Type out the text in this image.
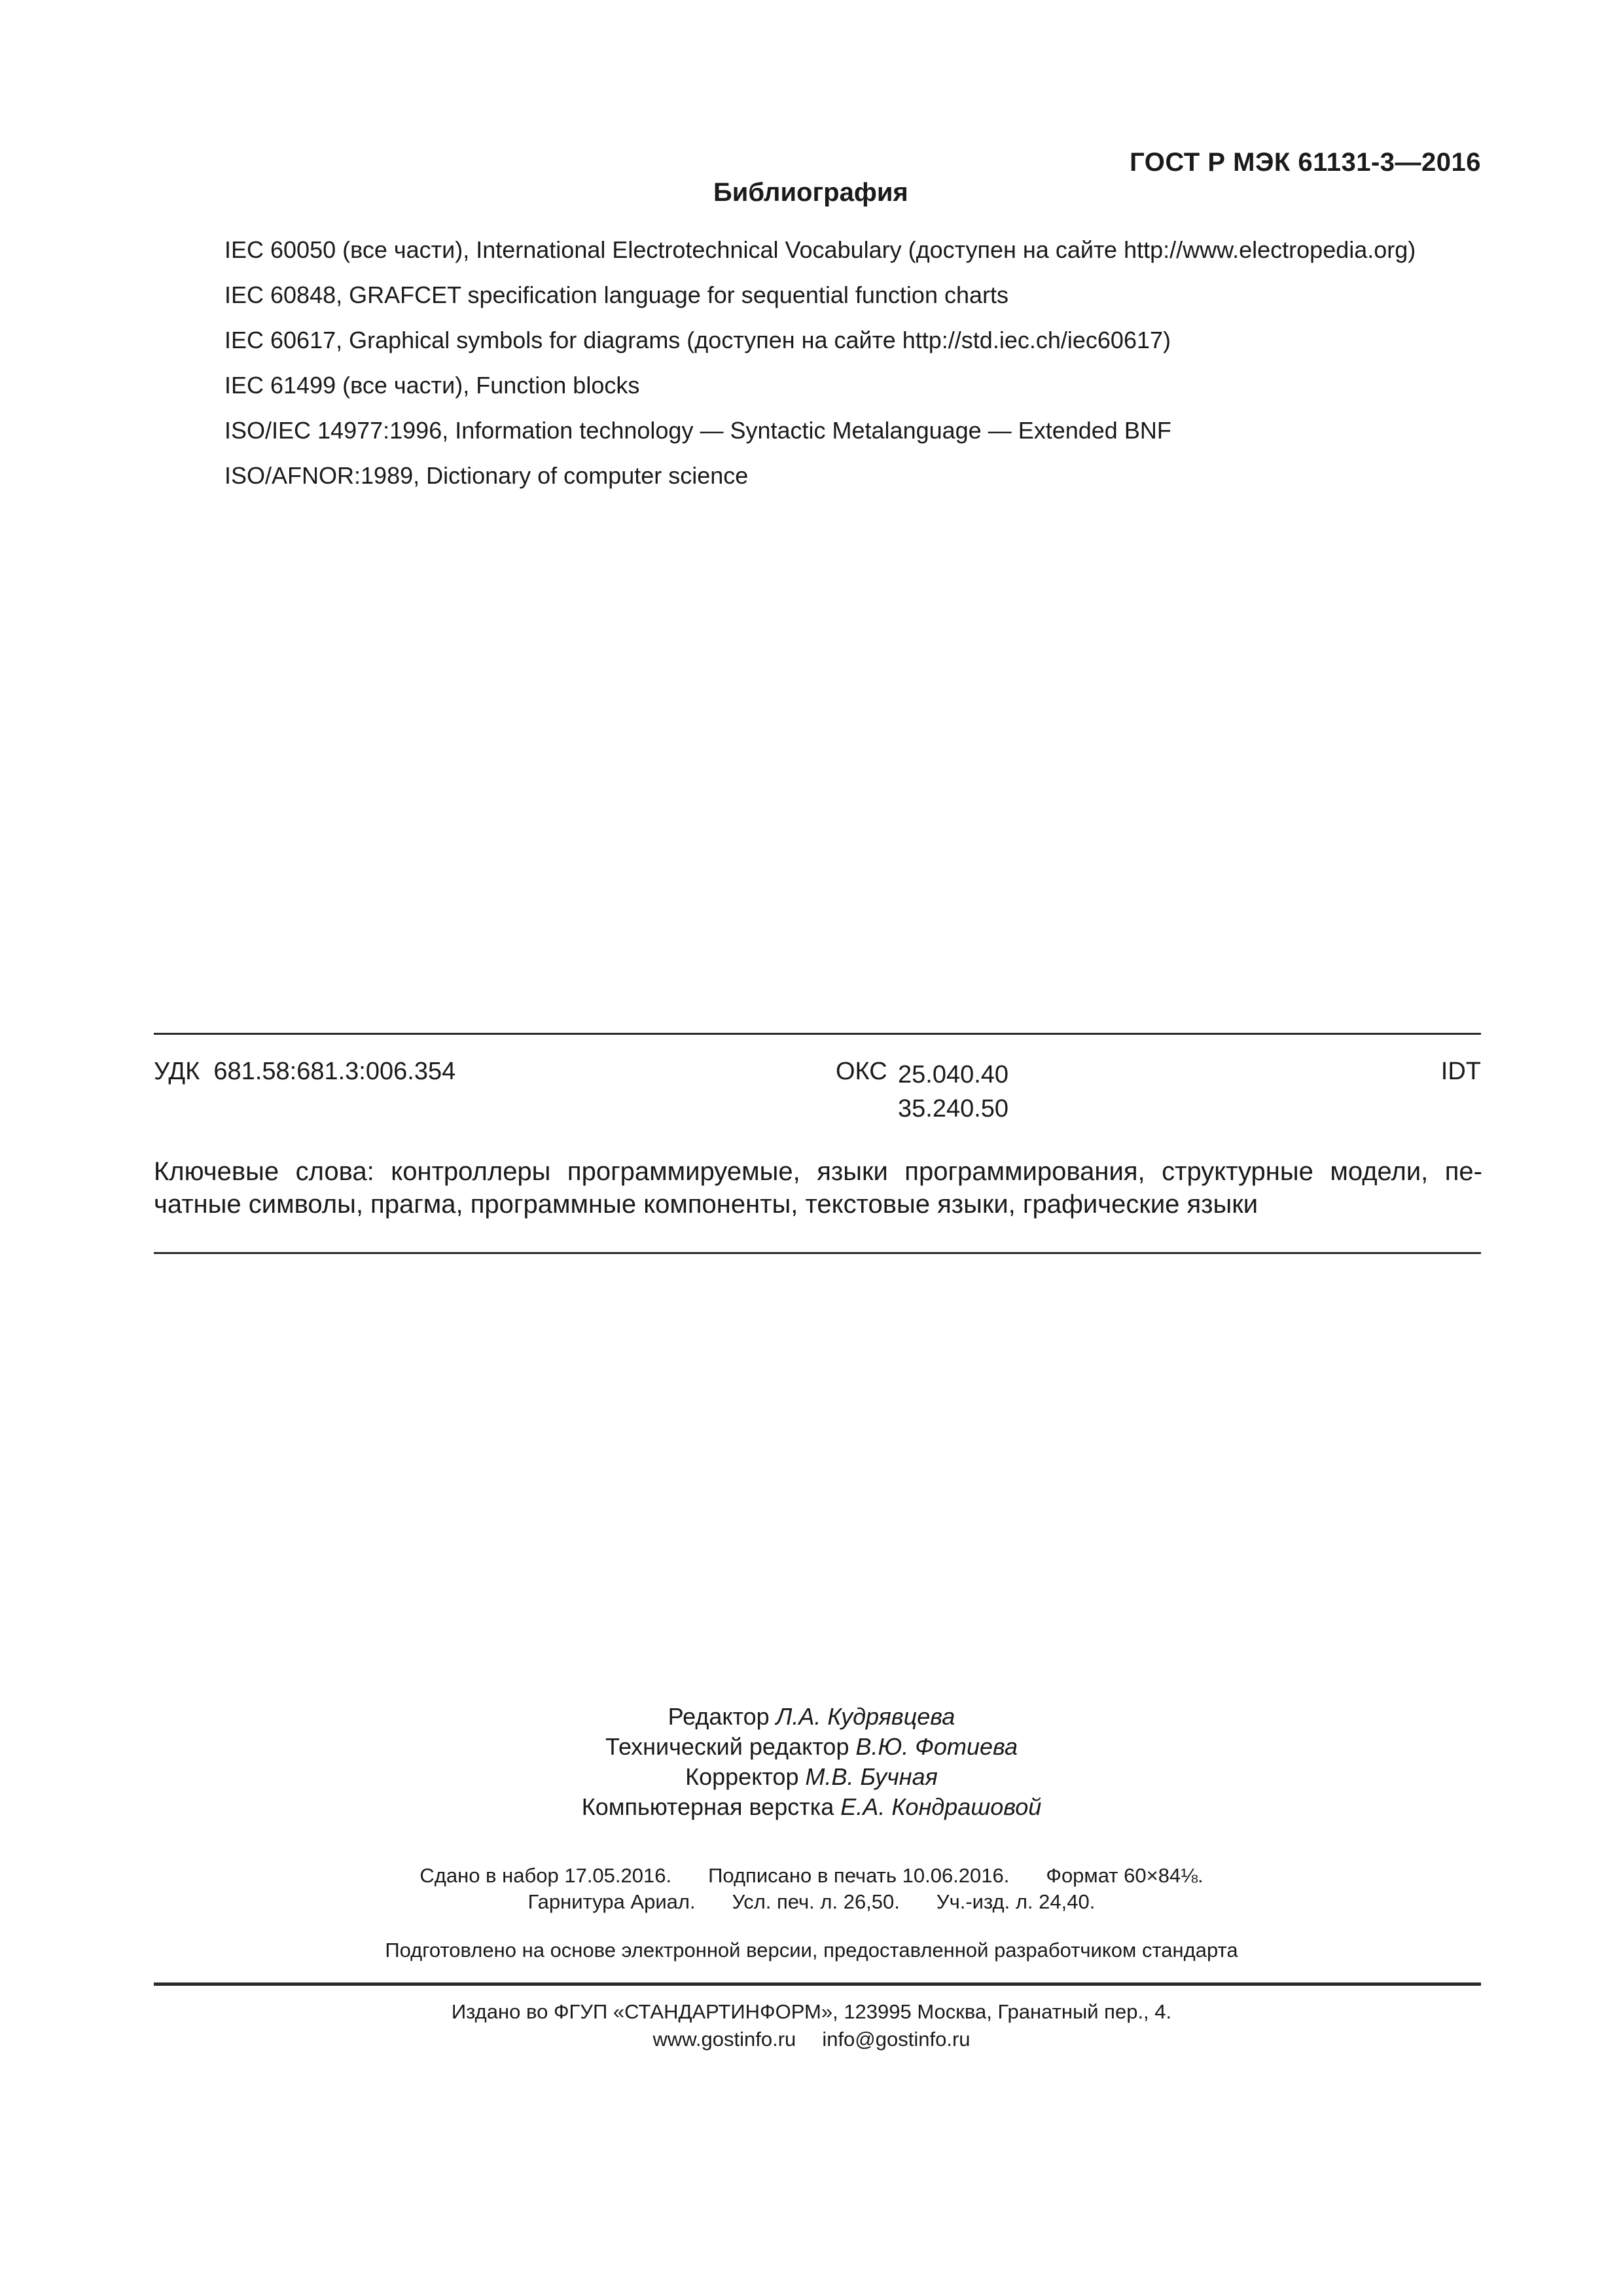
ГОСТ Р МЭК 61131-3—2016
Библиография
IEC 60050 (все части), International Electrotechnical Vocabulary (доступен на сайте http://www.electropedia.org)
IEC 60848, GRAFCET specification language for sequential function charts
IEC 60617, Graphical symbols for diagrams (доступен на сайте http://std.iec.ch/iec60617)
IEC 61499 (все части), Function blocks
ISO/IEC 14977:1996, Information technology — Syntactic Metalanguage — Extended BNF
ISO/AFNOR:1989, Dictionary of computer science
УДК  681.58:681.3:006.354	ОКС 25.040.40
35.240.50
IDT
Ключевые слова: контроллеры программируемые, языки программирования, структурные модели, пе-
чатные символы, прагма, программные компоненты, текстовые языки, графические языки
Редактор Л.А. Кудрявцева
Технический редактор В.Ю. Фотиева
Корректор М.В. Бучная
Компьютерная верстка Е.А. Кондрашовой
Сдано в набор 17.05.2016. Подписано в печать 10.06.2016. Формат 60×84⅛.
Гарнитура Ариал. Усл. печ. л. 26,50. Уч.-изд. л. 24,40.
Подготовлено на основе электронной версии, предоставленной разработчиком стандарта
Издано во ФГУП «СТАНДАРТИНФОРМ», 123995 Москва, Гранатный пер., 4.
www.gostinfo.ru info@gostinfo.ru
